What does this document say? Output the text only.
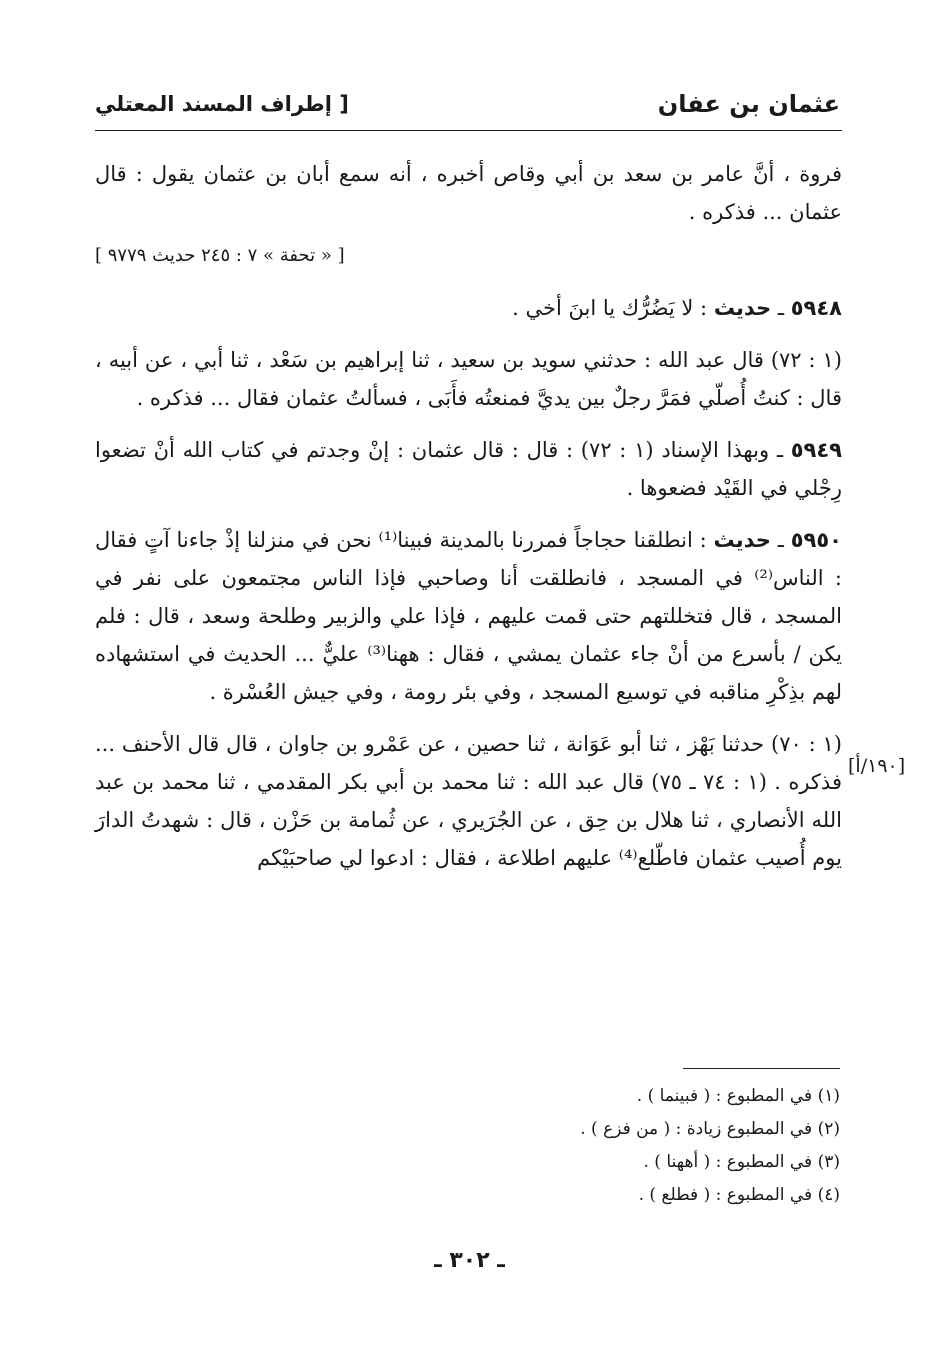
عثمان بن عفان
[ إطراف المسند المعتلي

فروة ، أنَّ عامر بن سعد بن أبي وقاص أخبره ، أنه سمع أبان بن عثمان يقول : قال عثمان ... فذكره .

[ « تحفة » ٧ : ٢٤٥ حديث ٩٧٧٩ ]

٥٩٤٨ ـ حديث : لا يَضُرُّك يا ابنَ أخي .

(١ : ٧٢) قال عبد الله : حدثني سويد بن سعيد ، ثنا إبراهيم بن سَعْد ، ثنا أبي ، عن أبيه ، قال : كنتُ أُصلّي فمَرَّ رجلٌ بين يديَّ فمنعتُه فأَبَى ، فسألتُ عثمان فقال ... فذكره .

٥٩٤٩ ـ وبهذا الإسناد (١ : ٧٢) : قال : قال عثمان : إنْ وجدتم في كتاب الله أنْ تضعوا رِجْلي في القَيْد فضعوها .

٥٩٥٠ ـ حديث : انطلقنا حجاجاً فمررنا بالمدينة فبينا⁽¹⁾ نحن في منزلنا إذْ جاءنا آتٍ فقال : الناس⁽²⁾ في المسجد ، فانطلقت أنا وصاحبي فإذا الناس مجتمعون على نفر في المسجد ، قال فتخللتهم حتى قمت عليهم ، فإذا علي والزبير وطلحة وسعد ، قال : فلم يكن / بأسرع من أنْ جاء عثمان يمشي ، فقال : ههنا⁽³⁾ عليٌّ ... الحديث في استشهاده لهم بذِكْرِ مناقبه في توسيع المسجد ، وفي بئر رومة ، وفي جيش العُسْرة .

(١ : ٧٠) حدثنا بَهْز ، ثنا أبو عَوَانة ، ثنا حصين ، عن عَمْرو بن جاوان ، قال قال الأحنف ... فذكره . (١ : ٧٤ ـ ٧٥) قال عبد الله : ثنا محمد بن أبي بكر المقدمي ، ثنا محمد بن عبد الله الأنصاري ، ثنا هلال بن حِق ، عن الجُرَيري ، عن ثُمامة بن حَزْن ، قال : شهدتُ الدارَ يوم أُصيب عثمان فاطّلع⁽⁴⁾ عليهم اطلاعة ، فقال : ادعوا لي صاحبَيْكم

[١٩٠/أ]
(١) في المطبوع : ( فبينما ) .
(٢) في المطبوع زيادة : ( من فزع ) .
(٣) في المطبوع : ( أههنا ) .
(٤) في المطبوع : ( فطلع ) .
ـ ٣٠٢ ـ
